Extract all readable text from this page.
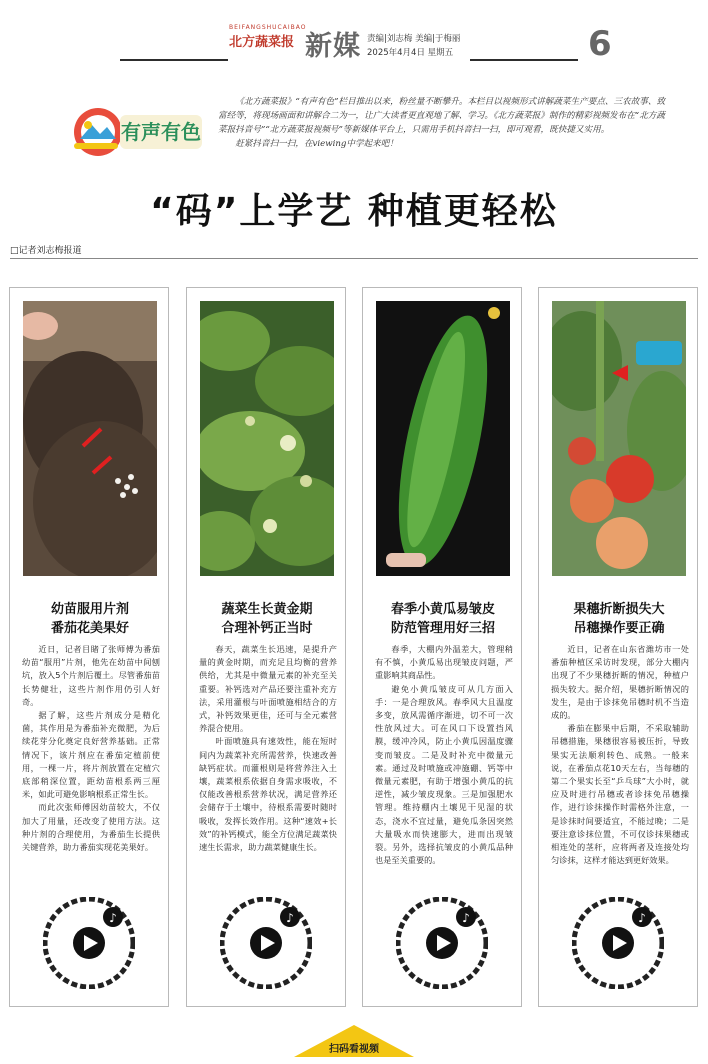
BEIFANGSHUCAIBAO
北方蔬菜报 新媒 责编|刘志梅 美编|于梅丽
2025年4月4日 星期五	6
有声有色

《北方蔬菜报》“有声有色”栏目推出以来，粉丝量不断攀升。本栏目以视频形式讲解蔬菜生产要点、三农故事、致富经等，将现场画面和讲解合二为一，让广大读者更直观地了解、学习。《北方蔬菜报》制作的精彩视频发布在“北方蔬菜报抖音号”“北方蔬菜报视频号”等新媒体平台上，只需用手机抖音扫一扫，即可观看，既快捷又实用。

赶紧抖音扫一扫，在viewing中学起来吧！

“码”上学艺 种植更轻松
□记者刘志梅报道
幼苗服用片剂
番茄花美果好

近日，记者目睹了张师傅为番茄幼苗“服用”片剂，他先在幼苗中间刨坑，放入5个片剂后覆土。尽管番茄苗长势健壮，这些片剂作用仍引人好奇。

据了解，这些片剂成分是精化菌，其作用是为番茄补充微肥，为后续花芽分化奠定良好营养基础。正常情况下，该片剂应在番茄定植前使用，一棵一片，将片剂放置在定植穴底部稍深位置，距幼苗根系两三厘米，如此可避免影响根系正常生长。

而此次张师傅因幼苗较大，不仅加大了用量，还改变了使用方法。这种片剂的合理使用，为番茄生长提供关键营养，助力番茄实现花美果好。

♪
蔬菜生长黄金期
合理补钙正当时

春天，蔬菜生长迅速，是提升产量的黄金时期，而充足且均衡的营养供给，尤其是中微量元素的补充至关重要。补钙选对产品还要注重补充方法，采用灌根与叶面喷施相结合的方式，补钙效果更佳，还可与全元素营养混合使用。

叶面喷施具有速效性，能在短时间内为蔬菜补充所需营养，快速改善缺钙症状。而灌根则是将营养注入土壤，蔬菜根系依据自身需求吸收，不仅能改善根系营养状况，满足营养还会储存于土壤中，待根系需要时随时吸收，发挥长效作用。这种“速效+长效”的补钙模式，能全方位满足蔬菜快速生长需求，助力蔬菜健康生长。

♪
春季小黄瓜易皱皮
防范管理用好三招

春季，大棚内外温差大，管理稍有不慎，小黄瓜易出现皱皮问题，严重影响其商品性。

避免小黄瓜皱皮可从几方面入手：一是合理放风。春季风大且温度多变，放风需循序渐进，切不可一次性放风过大。可在风口下设置挡风膜，缓冲冷风，防止小黄瓜因温度骤变而皱皮。二是及时补充中微量元素。通过及时喷施或冲施硼、钙等中微量元素肥，有助于增强小黄瓜的抗逆性，减少皱皮现象。三是加强肥水管理。维持棚内土壤见干见湿的状态，浇水不宜过量，避免瓜条因突然大量吸水而快速膨大，进而出现皱裂。另外，选择抗皱皮的小黄瓜品种也是至关重要的。

♪
果穗折断损失大
吊穗操作要正确

近日，记者在山东省潍坊市一处番茄种植区采访时发现，部分大棚内出现了不少果穗折断的情况，种植户损失较大。据介绍，果穗折断情况的发生，是由于诊抹免吊穗时机不当造成的。

番茄在膨果中后期，不采取辅助吊穗措施，果穗很容易被压折，导致果实无法顺利转色、成熟。一般来说，在番茄点花10天左右，当每穗的第二个果实长至“乒乓球”大小时，就应及时进行吊穗或者诊抹免吊穗操作，进行诊抹操作时需格外注意，一是诊抹时间要适宜，不能过晚；二是要注意诊抹位置，不可仅诊抹果穗或相连处的茎秆，应将两者及连接处均匀诊抹，这样才能达到更好效果。

♪
扫码看视频
